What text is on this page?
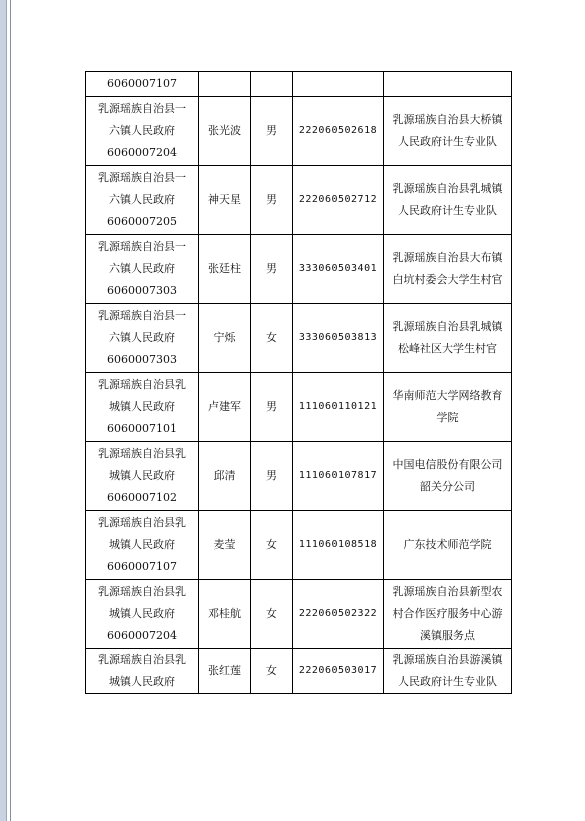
6060007107				

乳源瑶族自治县一
六镇人民政府
6060007204	张光波	男	222060502618	乳源瑶族自治县大桥镇
人民政府计生专业队

乳源瑶族自治县一
六镇人民政府
6060007205	神天星	男	222060502712	乳源瑶族自治县乳城镇
人民政府计生专业队

乳源瑶族自治县一
六镇人民政府
6060007303	张廷柱	男	333060503401	乳源瑶族自治县大布镇
白坑村委会大学生村官

乳源瑶族自治县一
六镇人民政府
6060007303	宁烁	女	333060503813	乳源瑶族自治县乳城镇
松峰社区大学生村官

乳源瑶族自治县乳
城镇人民政府
6060007101	卢建军	男	111060110121	华南师范大学网络教育
学院

乳源瑶族自治县乳
城镇人民政府
6060007102	邱清	男	111060107817	中国电信股份有限公司
韶关分公司

乳源瑶族自治县乳
城镇人民政府
6060007107	麦莹	女	111060108518	广东技术师范学院

乳源瑶族自治县乳
城镇人民政府
6060007204	邓桂航	女	222060502322	乳源瑶族自治县新型农
村合作医疗服务中心游
溪镇服务点

乳源瑶族自治县乳
城镇人民政府	张红莲	女	222060503017	乳源瑶族自治县游溪镇
人民政府计生专业队
